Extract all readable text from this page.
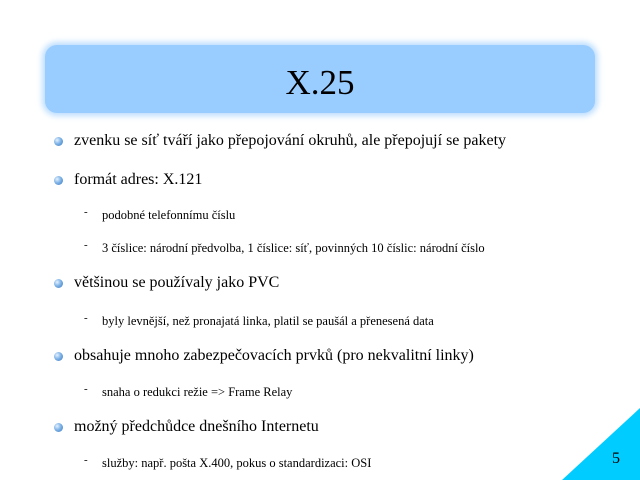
X.25
zvenku se síť tváří jako přepojování okruhů, ale přepojují se pakety
formát adres: X.121
- podobné telefonnímu číslu
- 3 číslice: národní předvolba, 1 číslice: síť, povinných 10 číslic: národní číslo
většinou se používaly jako PVC
- byly levnější, než pronajatá linka, platil se paušál a přenesená data
obsahuje mnoho zabezpečovacích prvků (pro nekvalitní linky)
- snaha o redukci režie => Frame Relay
možný předchůdce dnešního Internetu
- služby: např. pošta X.400, pokus o standardizaci: OSI	5
